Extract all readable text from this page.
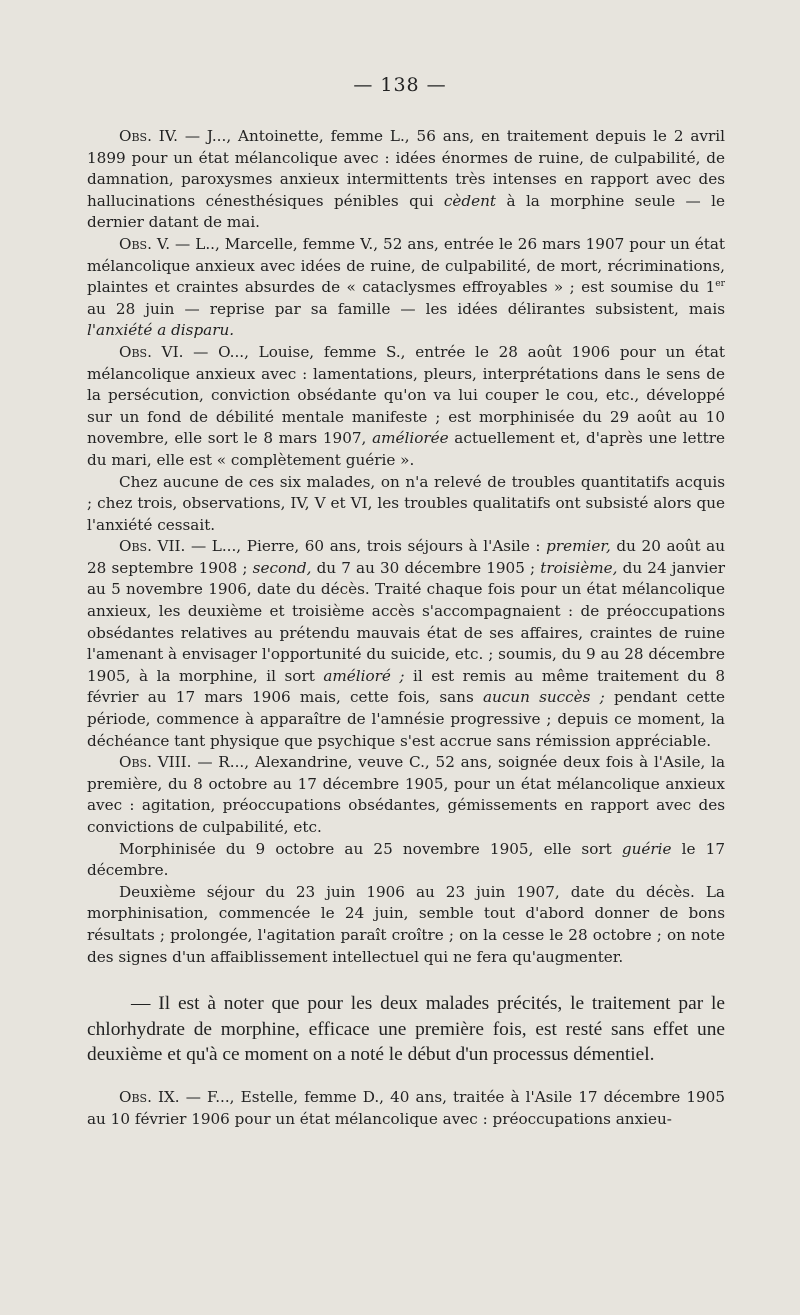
— 138 —

Obs. IV. — J..., Antoinette, femme L., 56 ans, en traitement depuis le 2 avril 1899 pour un état mélancolique avec : idées énormes de ruine, de culpabilité, de damnation, paroxysmes anxieux intermittents très intenses en rapport avec des hallucinations cénesthésiques pénibles qui cèdent à la morphine seule — le dernier datant de mai.

Obs. V. — L.., Marcelle, femme V., 52 ans, entrée le 26 mars 1907 pour un état mélancolique anxieux avec idées de ruine, de culpabilité, de mort, récriminations, plaintes et craintes absurdes de « cataclysmes effroyables » ; est soumise du 1er au 28 juin — reprise par sa famille — les idées délirantes subsistent, mais l'anxiété a disparu.

Obs. VI. — O..., Louise, femme S., entrée le 28 août 1906 pour un état mélancolique anxieux avec : lamentations, pleurs, interprétations dans le sens de la persécution, conviction obsédante qu'on va lui couper le cou, etc., développé sur un fond de débilité mentale manifeste ; est morphinisée du 29 août au 10 novembre, elle sort le 8 mars 1907, améliorée actuellement et, d'après une lettre du mari, elle est « complètement guérie ».

Chez aucune de ces six malades, on n'a relevé de troubles quantitatifs acquis ; chez trois, observations, IV, V et VI, les troubles qualitatifs ont subsisté alors que l'anxiété cessait.

Obs. VII. — L..., Pierre, 60 ans, trois séjours à l'Asile : premier, du 20 août au 28 septembre 1908 ; second, du 7 au 30 décembre 1905 ; troisième, du 24 janvier au 5 novembre 1906, date du décès. Traité chaque fois pour un état mélancolique anxieux, les deuxième et troisième accès s'accompagnaient : de préoccupations obsédantes relatives au prétendu mauvais état de ses affaires, craintes de ruine l'amenant à envisager l'opportunité du suicide, etc. ; soumis, du 9 au 28 décembre 1905, à la morphine, il sort amélioré ; il est remis au même traitement du 8 février au 17 mars 1906 mais, cette fois, sans aucun succès ; pendant cette période, commence à apparaître de l'amnésie progressive ; depuis ce moment, la déchéance tant physique que psychique s'est accrue sans rémission appréciable.

Obs. VIII. — R..., Alexandrine, veuve C., 52 ans, soignée deux fois à l'Asile, la première, du 8 octobre au 17 décembre 1905, pour un état mélancolique anxieux avec : agitation, préoccupations obsédantes, gémissements en rapport avec des convictions de culpabilité, etc.

Morphinisée du 9 octobre au 25 novembre 1905, elle sort guérie le 17 décembre.

Deuxième séjour du 23 juin 1906 au 23 juin 1907, date du décès. La morphinisation, commencée le 24 juin, semble tout d'abord donner de bons résultats ; prolongée, l'agitation paraît croître ; on la cesse le 28 octobre ; on note des signes d'un affaiblissement intellectuel qui ne fera qu'augmenter.

— Il est à noter que pour les deux malades précités, le traitement par le chlorhydrate de morphine, efficace une première fois, est resté sans effet une deuxième et qu'à ce moment on a noté le début d'un processus démentiel.

Obs. IX. — F..., Estelle, femme D., 40 ans, traitée à l'Asile 17 décembre 1905 au 10 février 1906 pour un état mélancolique avec : préoccupations anxieu-
